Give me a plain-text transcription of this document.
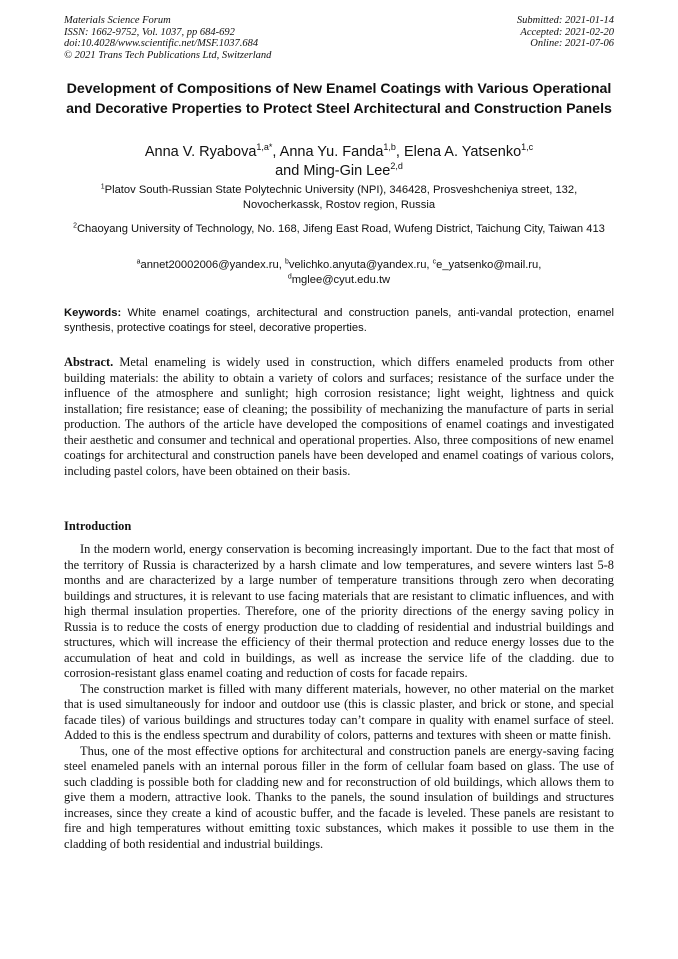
Materials Science Forum
ISSN: 1662-9752, Vol. 1037, pp 684-692
doi:10.4028/www.scientific.net/MSF.1037.684
© 2021 Trans Tech Publications Ltd, Switzerland
Submitted: 2021-01-14
Accepted: 2021-02-20
Online: 2021-07-06
Development of Compositions of New Enamel Coatings with Various Operational and Decorative Properties to Protect Steel Architectural and Construction Panels
Anna V. Ryabova$^{1,a*}$, Anna Yu. Fanda$^{1,b}$, Elena A. Yatsenko$^{1,c}$
and Ming-Gin Lee$^{2,d}$
$^1$Platov South-Russian State Polytechnic University (NPI), 346428, Prosveshcheniya street, 132, Novocherkassk, Rostov region, Russia
$^2$Chaoyang University of Technology, No. 168, Jifeng East Road, Wufeng District, Taichung City, Taiwan 413
$^a$annet20002006@yandex.ru, $^b$velichko.anyuta@yandex.ru, $^c$e_yatsenko@mail.ru,
$^d$mglee@cyut.edu.tw
Keywords: White enamel coatings, architectural and construction panels, anti-vandal protection, enamel synthesis, protective coatings for steel, decorative properties.

Abstract. Metal enameling is widely used in construction, which differs enameled products from other building materials: the ability to obtain a variety of colors and surfaces; resistance of the surface under the influence of the atmosphere and sunlight; high corrosion resistance; light weight, lightness and quick installation; fire resistance; ease of cleaning; the possibility of mechanizing the manufacture of parts in serial production. The authors of the article have developed the compositions of enamel coatings and investigated their aesthetic and consumer and technical and operational properties. Also, three compositions of new enamel coatings for architectural and construction panels have been developed and enamel coatings of various colors, including pastel colors, have been obtained on their basis.

Introduction

In the modern world, energy conservation is becoming increasingly important. Due to the fact that most of the territory of Russia is characterized by a harsh climate and low temperatures, and severe winters last 5-8 months and are characterized by a large number of temperature transitions through zero when decorating buildings and structures, it is relevant to use facing materials that are resistant to climatic influences, and with high thermal insulation properties. Therefore, one of the priority directions of the energy saving policy in Russia is to reduce the costs of energy production due to cladding of residential and industrial buildings and structures, which will increase the efficiency of their thermal protection and reduce energy losses due to the accumulation of heat and cold in buildings, as well as increase the service life of the cladding. due to corrosion-resistant glass enamel coating and reduction of costs for facade repairs.

The construction market is filled with many different materials, however, no other material on the market that is used simultaneously for indoor and outdoor use (this is classic plaster, and brick or stone, and special facade tiles) of various buildings and structures today can’t compare in quality with enamel surface of steel. Added to this is the endless spectrum and durability of colors, patterns and textures with sheen or matte finish.

Thus, one of the most effective options for architectural and construction panels are energy-saving facing steel enameled panels with an internal porous filler in the form of cellular foam based on glass. The use of such cladding is possible both for cladding new and for reconstruction of old buildings, which allows them to give them a modern, attractive look. Thanks to the panels, the sound insulation of buildings and structures increases, since they create a kind of acoustic buffer, and the facade is leveled. These panels are resistant to fire and high temperatures without emitting toxic substances, which makes it possible to use them in the cladding of both residential and industrial buildings.
